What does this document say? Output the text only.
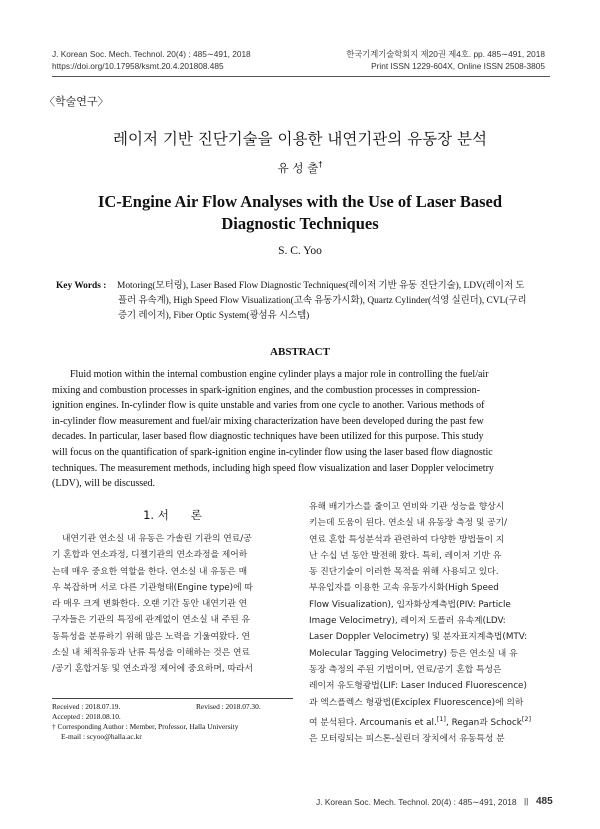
J. Korean Soc. Mech. Technol. 20(4) : 485∼491, 2018
https://doi.org/10.17958/ksmt.20.4.201808.485
한국기계기술학회지 제20권 제4호. pp. 485∼491, 2018
Print ISSN 1229-604X, Online ISSN 2508-3805
〈학술연구〉
레이저 기반 진단기술을 이용한 내연기관의 유동장 분석
유 성 출†
IC-Engine Air Flow Analyses with the Use of Laser Based
Diagnostic Techniques
S. C. Yoo
Key Words : Motoring(모터링), Laser Based Flow Diagnostic Techniques(레이저 기반 유동 진단기술), LDV(레이저 도
플러 유속계), High Speed Flow Visualization(고속 유동가시화), Quartz Cylinder(석영 실린더), CVL(구리
증기 레이저), Fiber Optic System(광섬유 시스템)
ABSTRACT
Fluid motion within the internal combustion engine cylinder plays a major role in controlling the fuel/air
mixing and combustion processes in spark-ignition engines, and the combustion processes in compression-
ignition engines. In-cylinder flow is quite unstable and varies from one cycle to another. Various methods of
in-cylinder flow measurement and fuel/air mixing characterization have been developed during the past few
decades. In particular, laser based flow diagnostic techniques have been utilized for this purpose. This study
will focus on the quantification of spark-ignition engine in-cylinder flow using the laser based flow diagnostic
techniques. The measurement methods, including high speed flow visualization and laser Doppler velocimetry
(LDV), will be discussed.
1. 서      론
내연기관 연소실 내 유동은 가솔린 기관의 연료/공
기 혼합과 연소과정, 디젤기관의 연소과정을 제어하
는데 매우 중요한 역할을 한다. 연소실 내 유동은 매
우 복잡하며 서로 다른 기관형태(Engine type)에 따
라 매우 크게 변화한다. 오랜 기간 동안 내연기관 연
구자들은 기관의 특징에 관계없이 연소실 내 주된 유
동특성을 분류하기 위해 많은 노력을 기울여왔다. 연
소실 내 체적유동과 난류 특성을 이해하는 것은 연료
/공기 혼합거동 및 연소과정 제어에 중요하며, 따라서
유해 배기가스를 줄이고 연비와 기관 성능을 향상시
키는데 도움이 된다. 연소실 내 유동장 측정 및 공기/
연료 혼합 특성분석과 관련하여 다양한 방법들이 지
난 수십 년 동안 발전해 왔다. 특히, 레이저 기반 유
동 진단기술이 이러한 목적을 위해 사용되고 있다.
부유입자를 이용한 고속 유동가시화(High Speed
Flow Visualization), 입자화상계측법(PIV: Particle
Image Velocimetry), 레이저 도플러 유속계(LDV:
Laser Doppler Velocimetry) 및 분자표지계측법(MTV:
Molecular Tagging Velocimetry) 등은 연소실 내 유
동장 측정의 주된 기법이며, 연료/공기 혼합 특성은
레이저 유도형광법(LIF: Laser Induced Fluorescence)
과 엑스플렉스 형광법(Exciplex Fluorescence)에 의하
여 분석된다. Arcoumanis et al.[1], Regan과 Schock[2]
은 모터링되는 피스톤-실린더 장치에서 유동특성 분
Received : 2018.07.19.	Revised : 2018.07.30.
Accepted : 2018.08.10.
† Corresponding Author : Member, Professor, Halla University
E-mail : scyoo@halla.ac.kr
J. Korean Soc. Mech. Technol. 20(4) : 485∼491, 2018 || 485
